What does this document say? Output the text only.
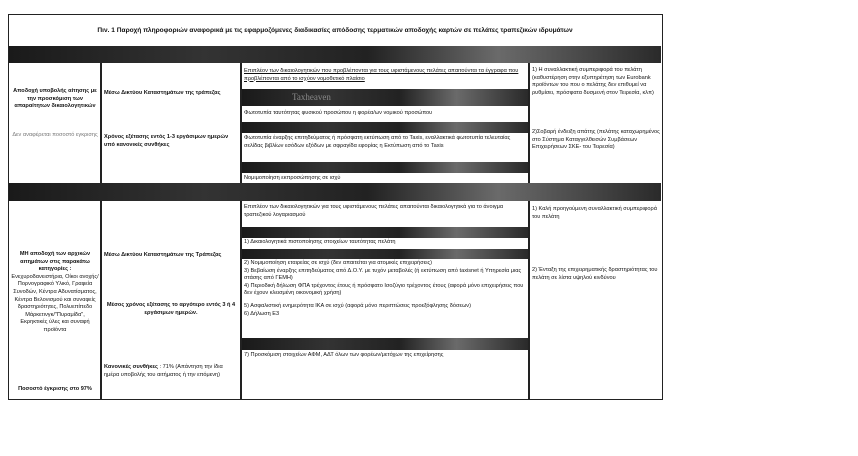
Πιν. 1 Παροχή πληροφοριών αναφορικά με τις εφαρμοζόμενες διαδικασίες απόδοσης τερματικών αποδοχής καρτών σε πελάτες τραπεζικών ιδρυμάτων
Αποδοχή υποβολής αίτησης με την προσκόμιση των απαραίτητων δικαιολογητικών
Δεν αναφέρεται ποσοστό εγκρισης
Μέσω Δικτύου Καταστημάτων της τράπεζας
Χρόνος εξέτασης εντός 1-3 εργάσιμων ημερών υπό κανονικές συνθήκες
Επιπλέον των δικαιολογητικών που προβλέπονται για τους υφιστάμενους πελάτες απαιτούνται τα έγγραφα που προβλέπονται από το ισχύον νομοθετικό πλαίσιο
Taxheaven
Φωτοτυπία ταυτότητας φυσικού προσώπου η φορέα/ων νομικού προσώπου
Φωτοτυπία έναρξης επιτηδεύματος ή πρόσφατη εκτύπωση από το Taxis, εναλλακτικά φωτοτυπία τελευταίας σελίδας βιβλίων εσόδων εξόδων με σφραγίδα εφορίας η Εκτύπωση από το Taxis
Νομιμοποίηση εκπροσώπησης σε ισχύ
1) Η συναλλακτική συμπεριφορά του πελάτη (καθυστέρηση στην εξυπηρέτηση των Eurobank προϊόντων του που ο πελάτης δεν επιθυμεί να ρυθμίσει, πρόσφατα δυσμενή στον Τειρεσία, κλπ)
2)Σοβαρή ένδειξη απάτης (πελάτης καταχωρημένος στο Σύστημα Καταγγελθεισών Συμβάσεων Επιχειρήσεων ΣΚΕ- του Τειρεσία)
ΜΗ αποδοχή των αρχικών αιτημάτων στις παρακάτω κατηγορίες :
Ενεχυροδανειστήρια, Οίκοι ανοχής/Πορνογραφικό Υλικό, Γραφεία Συνοδών, Κέντρα Αδυνατίσματος, Κέντρα Βελονισμού και συναφείς δραστηριότητες, Πολυεπίπεδο Μάρκετινγκ/"Πυραμίδα", Εκρηκτικές ύλες και συναφή προϊόντα
Ποσοστό έγκρισης στο 97%
Μέσω Δικτύου Καταστημάτων της Τράπεζας
Μέσος χρόνος εξέτασης το αργότερο εντός 3 ή 4 εργάσιμων ημερών.
Κανονικές συνθήκες : 71% (Απάντηση την ίδια ημέρα υποβολής του αιτήματος ή την επόμενη)
Επιπλέον των δικαιολογητικών για τους υφιστάμενους πελάτες απαιτούνται δικαιολογητικά για το άνοιγμα τραπεζικού λογαριασμού
1) Δικαιολογητικά πιστοποίησης στοιχείων ταυτότητας πελάτη
2) Νομιμοποίηση εταιρείας σε ισχύ (δεν απαιτείται για ατομικές επιχειρήσεις)
3) Βεβαίωση έναρξης επιτηδεύματος από Δ.Ο.Υ. με τυχόν μεταβολές (ή εκτύπωση από taxisnet ή Υπηρεσία μιας στάσης από ΓΕΜΗ)
4) Περιοδική δήλωση ΦΠΑ τρέχοντος έτους ή πρόσφατο Ισοζύγιο τρέχοντος έτους (αφορά μόνο επιχειρήσεις που δεν έχουν κλεισμένη οικονομική χρήση)
5) Ασφαλιστική ενημερότητα ΙΚΑ σε ισχύ (αφορά μόνο περιπτώσεις προεξόφλησης δόσεων)
6) Δήλωση Ε3
7) Προσκόμιση στοιχείων ΑΦΜ, ΑΔΤ όλων των φορέων/μετόχων της επιχείρησης
1) Καλή προηγούμενη συναλλακτική συμπεριφορά του πελάτη
2) Ένταξη της επιχειρηματικής δραστηριότητας του πελάτη σε λίστα υψηλού κινδύνου
